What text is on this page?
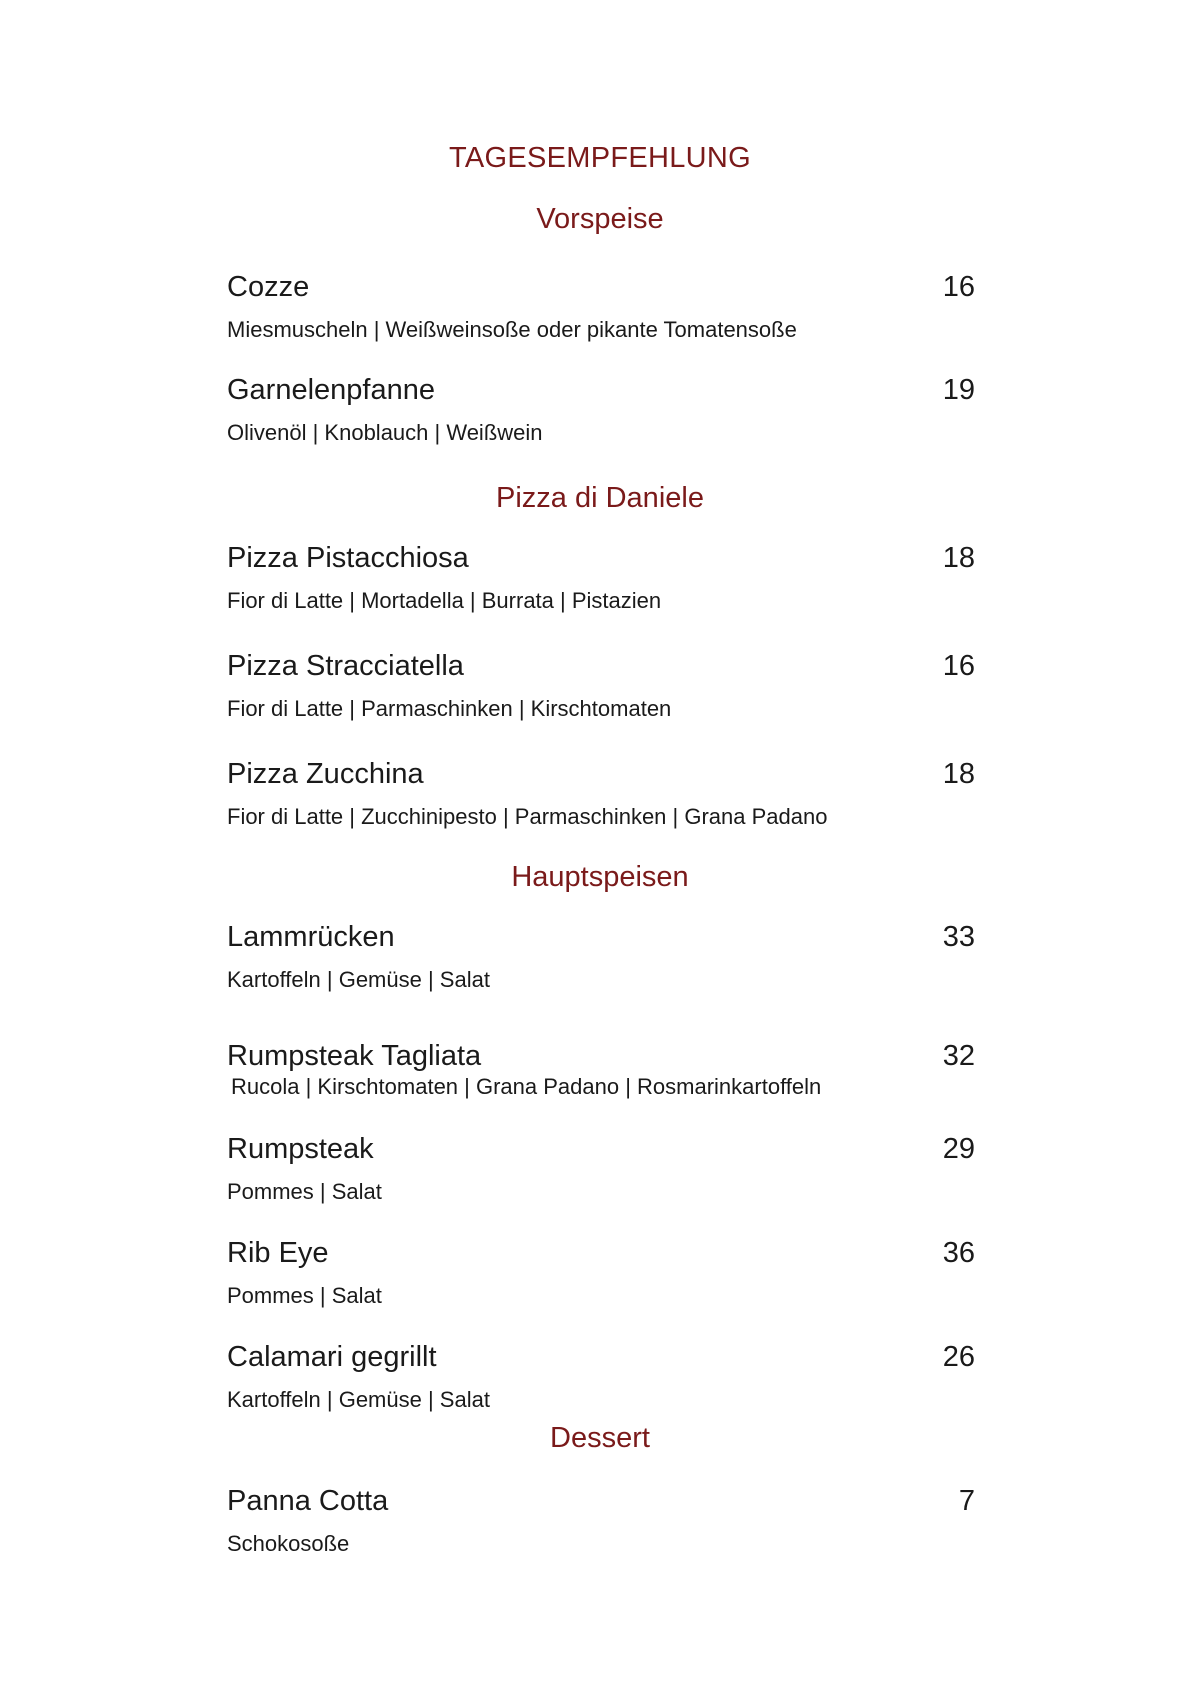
TAGESEMPFEHLUNG
Vorspeise
Cozze	16
Miesmuscheln | Weißweinsoße oder pikante Tomatensoße
Garnelenpfanne	19
Olivenöl | Knoblauch | Weißwein
Pizza di Daniele
Pizza Pistacchiosa	18
Fior di Latte | Mortadella | Burrata | Pistazien
Pizza Stracciatella	16
Fior di Latte | Parmaschinken | Kirschtomaten
Pizza Zucchina	18
Fior di Latte | Zucchinipesto | Parmaschinken | Grana Padano
Hauptspeisen
Lammrücken	33
Kartoffeln | Gemüse | Salat
Rumpsteak Tagliata	32
Rucola | Kirschtomaten | Grana Padano | Rosmarinkartoffeln
Rumpsteak	29
Pommes | Salat
Rib Eye	36
Pommes | Salat
Calamari gegrillt	26
Kartoffeln | Gemüse | Salat
Dessert
Panna Cotta	7
Schokosoße
